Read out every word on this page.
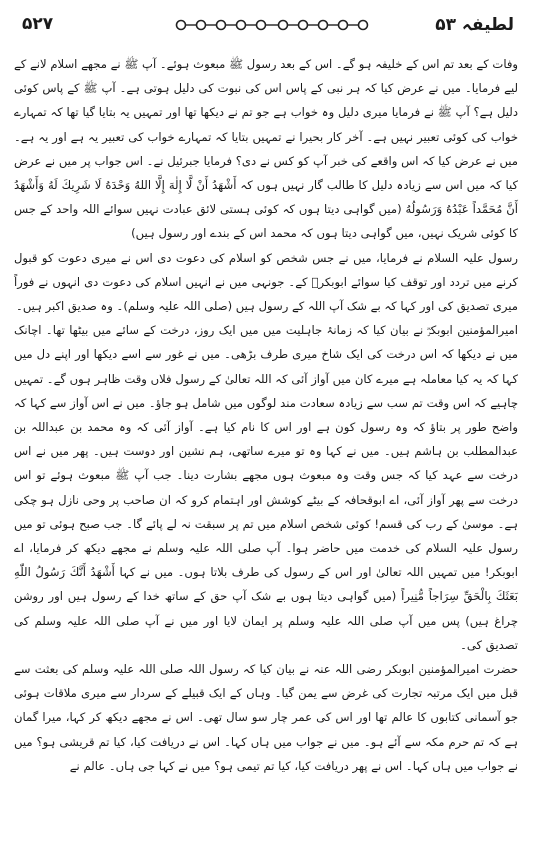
لطیفہ ۵۳
۵۲۷

وفات کے بعد تم اس کے خلیفہ ہو گے۔ اس کے بعد رسول ﷺ مبعوث ہوئے۔ آپ ﷺ نے مجھے اسلام لانے کے لیے فرمایا۔ میں نے عرض کیا کہ ہر نبی کے پاس اس کی نبوت کی دلیل ہوتی ہے۔ آپ ﷺ کے پاس کوئی دلیل ہے؟ آپ ﷺ نے فرمایا میری دلیل وہ خواب ہے جو تم نے دیکھا تھا اور تمہیں یہ بتایا گیا تھا کہ تمہارے خواب کی کوئی تعبیر نہیں ہے۔ آخر کار بحیرا نے تمہیں بتایا کہ تمہارے خواب کی تعبیر یہ ہے اور یہ ہے۔ میں نے عرض کیا کہ اس واقعے کی خبر آپ کو کس نے دی؟ فرمایا جبرئیل نے۔ اس جواب پر میں نے عرض کیا کہ میں اس سے زیادہ دلیل کا طالب گار نہیں ہوں کہ أَشْهَدُ أَنْ لَّا إِلٰهَ إِلَّا اللهُ وَحْدَهُ لَا شَرِيكَ لَهُ وَأَشْهَدُ أَنَّ مُحَمَّداً عَبْدُهُ وَرَسُولُهُ (میں گواہی دیتا ہوں کہ کوئی ہستی لائق عبادت نہیں سوائے اللہ واحد کے جس کا کوئی شریک نہیں، میں گواہی دیتا ہوں کہ محمد اس کے بندے اور رسول ہیں)

رسول علیہ السلام نے فرمایا، میں نے جس شخص کو اسلام کی دعوت دی اس نے میری دعوت کو قبول کرنے میں تردد اور توقف کیا سوائے ابوبکرؓ کے۔ جونہی میں نے انہیں اسلام کی دعوت دی انہوں نے فوراً میری تصدیق کی اور کہا کہ بے شک آپ اللہ کے رسول ہیں (صلی اللہ علیہ وسلم)۔ وہ صدیق اکبر ہیں۔

امیرالمؤمنین ابوبکرؓ نے بیان کیا کہ زمانۂ جاہلیت میں میں ایک روز، درخت کے سائے میں بیٹھا تھا۔ اچانک میں نے دیکھا کہ اس درخت کی ایک شاخ میری طرف بڑھی۔ میں نے غور سے اسے دیکھا اور اپنے دل میں کہا کہ یہ کیا معاملہ ہے میرے کان میں آواز آئی کہ اللہ تعالیٰ کے رسول فلاں وقت ظاہر ہوں گے۔ تمہیں چاہیے کہ اس وقت تم سب سے زیادہ سعادت مند لوگوں میں شامل ہو جاؤ۔ میں نے اس آواز سے کہا کہ واضح طور پر بتاؤ کہ وہ رسول کون ہے اور اس کا نام کیا ہے۔ آواز آئی کہ وہ محمد بن عبداللہ بن عبدالمطلب بن ہاشم ہیں۔ میں نے کہا وہ تو میرے ساتھی، ہم نشین اور دوست ہیں۔ پھر میں نے اس درخت سے عہد کیا کہ جس وقت وہ مبعوث ہوں مجھے بشارت دینا۔ جب آپ ﷺ مبعوث ہوئے تو اس درخت سے پھر آواز آئی، اے ابوقحافہ کے بیٹے کوشش اور اہتمام کرو کہ ان صاحب پر وحی نازل ہو چکی ہے۔ موسیٰ کے رب کی قسم! کوئی شخص اسلام میں تم پر سبقت نہ لے پائے گا۔ جب صبح ہوئی تو میں رسول علیہ السلام کی خدمت میں حاضر ہوا۔ آپ صلی اللہ علیہ وسلم نے مجھے دیکھ کر فرمایا، اے ابوبکر! میں تمہیں اللہ تعالیٰ اور اس کے رسول کی طرف بلاتا ہوں۔ میں نے کہا أَشْهَدُ أَنَّكَ رَسُولُ اللّٰهِ بَعَثَكَ بِالْحَقِّ سِرَاجاً مُّنِيراً (میں گواہی دیتا ہوں بے شک آپ حق کے ساتھ خدا کے رسول ہیں اور روشن چراغ ہیں) پس میں آپ صلی اللہ علیہ وسلم پر ایمان لایا اور میں نے آپ صلی اللہ علیہ وسلم کی تصدیق کی۔

حضرت امیرالمؤمنین ابوبکر رضی اللہ عنہ نے بیان کیا کہ رسول اللہ صلی اللہ علیہ وسلم کی بعثت سے قبل میں ایک مرتبہ تجارت کی غرض سے یمن گیا۔ وہاں کے ایک قبیلے کے سردار سے میری ملاقات ہوئی جو آسمانی کتابوں کا عالم تھا اور اس کی عمر چار سو سال تھی۔ اس نے مجھے دیکھ کر کہا، میرا گمان ہے کہ تم حرم مکہ سے آئے ہو۔ میں نے جواب میں ہاں کہا۔ اس نے دریافت کیا، کیا تم قریشی ہو؟ میں نے جواب میں ہاں کہا۔ اس نے پھر دریافت کیا، کیا تم تیمی ہو؟ میں نے کہا جی ہاں۔ عالم نے
